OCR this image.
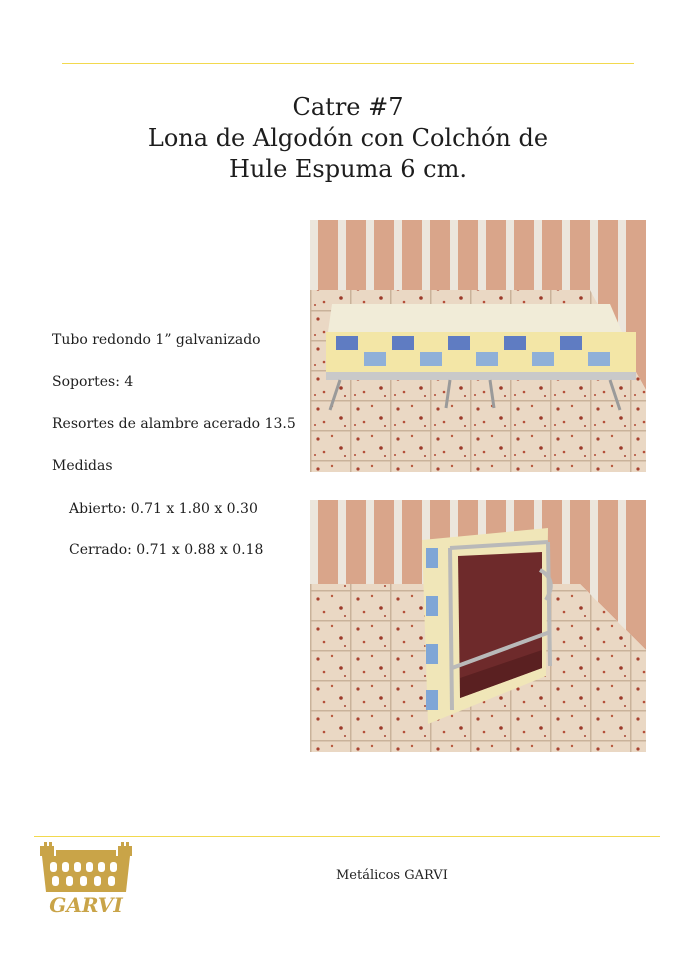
Catre #7
Lona de Algodón con Colchón de
Hule Espuma 6 cm.
Tubo redondo 1” galvanizado
Soportes: 4
Resortes de alambre acerado 13.5
Medidas
Abierto: 0.71 x 1.80 x 0.30
Cerrado: 0.71 x 0.88 x 0.18
GARVI
Metálicos GARVI
